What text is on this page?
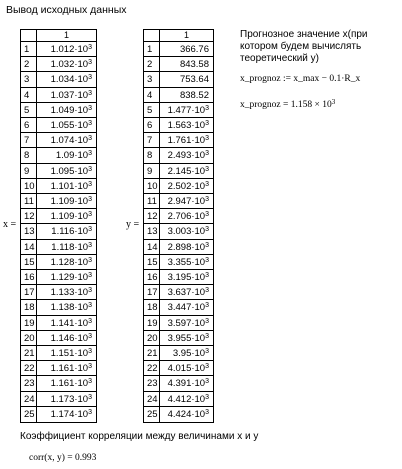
Вывод исходных данных
x =
1
1	$1.012\cdot 10^3$
2	$1.032\cdot 10^3$
3	$1.034\cdot 10^3$
4	$1.037\cdot 10^3$
5	$1.049\cdot 10^3$
6	$1.055\cdot 10^3$
7	$1.074\cdot 10^3$
8	$1.09\cdot 10^3$
9	$1.095\cdot 10^3$
10	$1.101\cdot 10^3$
11	$1.109\cdot 10^3$
12	$1.109\cdot 10^3$
13	$1.116\cdot 10^3$
14	$1.118\cdot 10^3$
15	$1.128\cdot 10^3$
16	$1.129\cdot 10^3$
17	$1.133\cdot 10^3$
18	$1.138\cdot 10^3$
19	$1.141\cdot 10^3$
20	$1.146\cdot 10^3$
21	$1.151\cdot 10^3$
22	$1.161\cdot 10^3$
23	$1.161\cdot 10^3$
24	$1.173\cdot 10^3$
25	$1.174\cdot 10^3$
y =
1
1	366.76
2	843.58
3	753.64
4	838.52
5	$1.477\cdot 10^3$
6	$1.563\cdot 10^3$
7	$1.761\cdot 10^3$
8	$2.493\cdot 10^3$
9	$2.145\cdot 10^3$
10	$2.502\cdot 10^3$
11	$2.947\cdot 10^3$
12	$2.706\cdot 10^3$
13	$3.003\cdot 10^3$
14	$2.898\cdot 10^3$
15	$3.355\cdot 10^3$
16	$3.195\cdot 10^3$
17	$3.637\cdot 10^3$
18	$3.447\cdot 10^3$
19	$3.597\cdot 10^3$
20	$3.955\cdot 10^3$
21	$3.95\cdot 10^3$
22	$4.015\cdot 10^3$
23	$4.391\cdot 10^3$
24	$4.412\cdot 10^3$
25	$4.424\cdot 10^3$
Прогнозное значение x(при котором будем вычислять теоретический y)
x_prognoz := x_max − 0.1·R_x
x_prognoz = $1.158 \times 10^3$
Коэффициент корреляции между величинами x и y
corr(x, y) = 0.993
